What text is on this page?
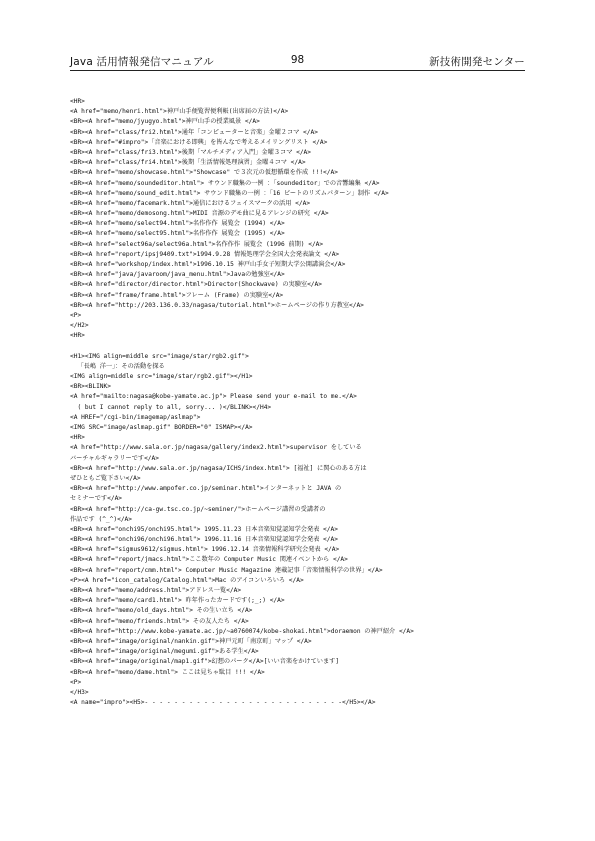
Java 活用情報発信マニュアル	98	新技術開発センター
<HR>
<A href="memo/henri.html">神戸山手便覧習便利帳(出席届の方法)</A>
<BR><A href="memo/jyugyo.html">神戸山手の授業風景 </A>
<BR><A href="class/fri2.html">通年「コンピューターと音楽」金曜２コマ </A>
<BR><A href="#impro">「音楽における即興」を皆んなで考えるメイリングリスト </A>
<BR><A href="class/fri3.html">後期「マルチメディア入門」金曜３コマ </A>
<BR><A href="class/fri4.html">後期「生活情報処理演習」金曜４コマ </A>
<BR><A href="memo/showcase.html">"Showcase" で３次元の仮想循環を作成 !!!</A>
<BR><A href="memo/soundeditor.html"> サウンド職集の一例 ：「soundeditor」での音響編集 </A>
<BR><A href="memo/sound_edit.html"> サウンド職集の一例 ：「16 ビートのリズムパターン」制作 </A>
<BR><A href="memo/facemark.html">通信におけるフェイスマークの活用 </A>
<BR><A href="memo/demosong.html">MIDI 音源のデモ曲に見るアレンジの研究 </A>
<BR><A href="memo/select94.html">名作作作 展覧会 (1994) </A>
<BR><A href="memo/select95.html">名作作作 展覧会 (1995) </A>
<BR><A href="select96a/select96a.html">名作作作 展覧会 (1996 前期) </A>
<BR><A href="report/ipsj9409.txt">1994.9.28 情報処理学会全国大会発表論文 </A>
<BR><A href="workshop/index.html">1996.10.15 神戸山手女子短期大学公開講演会</A>
<BR><A href="java/javaroom/java_menu.html">Javaの勉強室</A>
<BR><A href="director/director.html">Director(Shockwave) の実験室</A>
<BR><A href="frame/frame.html">フレーム (Frame) の実験室</A>
<BR><A href="http://203.136.0.33/nagasa/tutorial.html">ホームページの作り方教室</A>
<P>
</H2>
<HR>
<H1><IMG align=middle src="image/star/rgb2.gif">
「長嶋 洋一」：その活動を探る
<IMG align=middle src="image/star/rgb2.gif"></H1>
<BR><BLINK>
<A href="mailto:nagasa@kobe-yamate.ac.jp"> Please send your e-mail to me.</A>
( but I cannot reply to all, sorry... )</BLINK></H4>
<A HREF="/cgi-bin/imagemap/aslmap">
<IMG SRC="image/aslmap.gif" BORDER="0" ISMAP></A>
<HR>
<A href="http://www.sala.or.jp/nagasa/gallery/index2.html">supervisor をしている
バーチャルギャラリーです</A>
<BR><A href="http://www.sala.or.jp/nagasa/ICHS/index.html"> [福祉] に関心のある方は
ぜひともご覧下さい</A>
<BR><A href="http://www.ampofer.co.jp/seminar.html">インターネットと JAVA の
セミナーです</A>
<BR><A href="http://ca-gw.tsc.co.jp/~seminer/">ホームページ講習の受講者の
作品です (^_^)</A>
<BR><A href="onchi95/onchi95.html"> 1995.11.23 日本音楽知覚認知学会発表 </A>
<BR><A href="onchi96/onchi96.html"> 1996.11.16 日本音楽知覚認知学会発表 </A>
<BR><A href="sigmus9612/sigmus.html"> 1996.12.14 音楽情報科学研究会発表 </A>
<BR><A href="report/jmacs.html">ここ数年の Computer Music 関連イベントから </A>
<BR><A href="report/cmm.html"> Computer Music Magazine 連載記事「音楽情報科学の世界」</A>
<P><A href="icon_catalog/Catalog.html">Mac のアイコンいろいろ </A>
<BR><A href="memo/address.html">アドレス一覧</A>
<BR><A href="memo/card1.html"> 昨年作ったカードです(;_;) </A>
<BR><A href="memo/old_days.html"> その生い立ち </A>
<BR><A href="memo/friends.html"> その友人たち </A>
<BR><A href="http://www.kobe-yamate.ac.jp/~a0760074/kobe-shokai.html">doraemon の神戸紹介 </A>
<BR><A href="image/original/nankin.gif">神戸元町「南京町」マップ </A>
<BR><A href="image/original/megumi.gif">ある学生</A>
<BR><A href="image/original/map1.gif">幻想のパーク</A>[いい音楽をかけています]
<BR><A href="memo/dame.html"> ここは見ちゃ駄目 !!! </A>
<P>
</H3>
<A name="impro"><H5>- - - - - - - - - - - - - - - - - - - - - - - - - - -</H5></A>
